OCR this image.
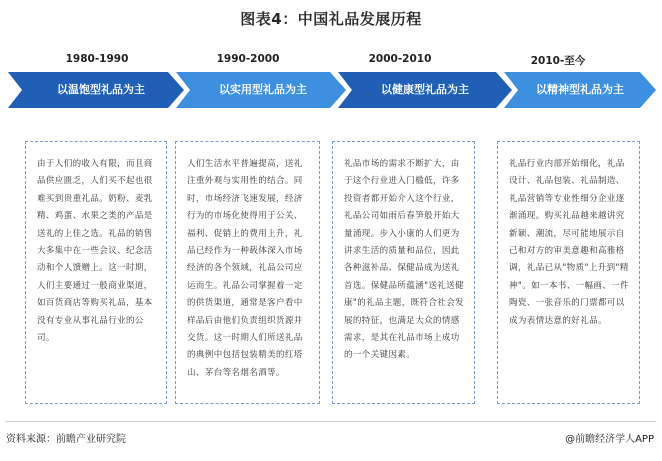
图表4：中国礼品发展历程
1980-1990	1990-2000	2000-2010	2010-至今
以温饱型礼品为主	以实用型礼品为主	以健康型礼品为主	以精神型礼品为主

由于人们的收入有限，而且商品供应匮乏，人们买不起也很难买到贵重礼品。奶粉、麦乳精、鸡蛋、水果之类的产品是送礼的上佳之选。礼品的销售大多集中在一些会议、纪念活动和个人馈赠上。这一时期，人们主要通过一般商业渠道，如百货商店等购买礼品，基本没有专业从事礼品行业的公司。

人们生活水平普遍提高，送礼注重外观与实用性的结合。同时，市场经济飞速发展，经济行为的市场化使得用于公关、福利、促销上的费用上升，礼品已经作为一种载体深入市场经济的各个领域，礼品公司应运而生。礼品公司掌握着一定的供货渠道，通常是客户看中样品后由他们负责组织货源并交货。这一时期人们所送礼品的典例中包括包装精美的红塔山、茅台等名烟名酒等。

礼品市场的需求不断扩大，由于这个行业进入门槛低，许多投资者都开始介入这个行业，礼品公司如雨后春笋般开始大量涌现。步入小康的人们更为讲求生活的质量和品位，因此各种滋补品、保健品成为送礼首选。保健品所蕴涵"送礼送健康"的礼品主题，既符合社会发展的特征，也满足大众的情感需求，是其在礼品市场上成功的一个关键因素。

礼品行业内部开始细化，礼品设计、礼品包装、礼品制造、礼品营销等专业性细分企业逐渐涌现。购买礼品越来越讲究新颖、潮流，尽可能地展示自己和对方的审美意趣和高雅格调，礼品已从"物质"上升到"精神"。如一本书、一幅画、一件陶瓷、一张音乐的门票都可以成为表情达意的好礼品。

资料来源：前瞻产业研究院	@前瞻经济学人APP
